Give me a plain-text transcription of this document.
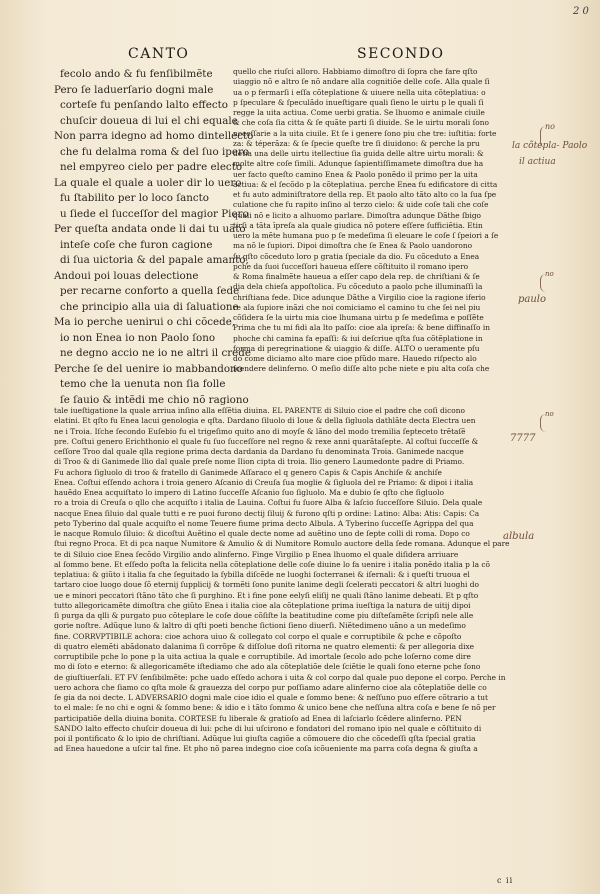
2 0
CANTO	SECONDO
fecolo ando & fu fenſibilmẽte
Pero ſe laduerſario dogni male
corteſe fu penſando lalto effecto
chuſcir doueua di lui el chi equale
Non parra idegno ad homo dintellecto
che fu delalma roma & del ſuo ipero
nel empyreo cielo per padre electo
La quale el quale a uoler dir lo uero
fu ſtabilito per lo loco ſancto
u ſiede el ſucceſſor del magior Piero
Per queſta andata onde li dai tu uãto
inteſe coſe che furon cagione
di ſua uictoria & del papale amanto,
Andoui poi louas delectione
per recarne conforto a quella ſede
che principio alla uia di ſaluatione
Ma io perche uenirui o chi cõcede,
io non Enea io non Paolo ſono
ne degno accio ne io ne altri il crede
Perche ſe del uenire io mabbandono
temo che la uenuta non ſia folle
ſe ſauio & intẽdi me chio nõ ragiono
quello che riuſci alloro. Habbiamo dimoſtro di ſopra che fare qſto
uiaggio nõ e altro ſe nõ andare alla cognitiõe delle coſe. Alla quale ſi
ua o p fermarſi i eſſa cõteplatione & uiuere nella uita cõteplatiua: o
p ſpeculare & ſpeculãdo inueſtigare quali ſieno le uirtu p le quali ſi
regge la uita actiua. Come uerbi gratia. Se lhuomo e animale ciuile
& che coſa ſia citta & ſe quãte parti ſi diuide. Se le uirtu morali ſono
neceſſarie a la uita ciuile. Et ſe i genere ſono piu che tre: iuſtitia: forte
za: & téperãza: & ſe ſpecie queſte tre ſi diuidono: & perche la pru
detia una delle uirtu itellectiue ſia guida delle altre uirtu morali: &
molte altre coſe ſimili. Adunque ſapientiſſimamete dimoſtra due ha
uer facto queſto camino Enea & Paolo ponẽdo il primo per la uita
actiua: & el ſecõdo p la cõteplatiua. perche Enea fu edificatore di citta
et fu auto adminiſtratore della rep. Et paolo alto tãto alto co la ſua ſpe
culatione che fu rapito inſino al terzo cielo: & uide coſe tali che coſe
quali nõ e licito a alhuomo parlare. Dimoſtra adunque Dãthe ſbigo
tirſi a tãta īpreſa ala quale giudica nõ potere eſſere ſufficiẽtia. Etin
uero la mẽte humana puo p ſe medeſima ſi eleuare le coſe ſ ſpeiori a ſe
ma nõ le ſupiori. Dipoi dimoſtra che ſe Enea & Paolo uandorono
ſu qſto cõceduto loro p gratia ſpeciale da dio. Fu cõceduto a Enea
pche da ſuoi ſucceſſori haueua eſſere cõſtituito il romano ipero
& Roma finalmẽte haueua a eſſer capo dela rep. de chriſtiani & ſe
dia dela chieſa appoſtolica. Fu cõceduto a paolo pche illuminaſſi la
chriſtiana fede. Dice adunque Dãthe a Virgilio cioe la ragione iferio
re ala ſupiore inãzi che noi comiciamo el camino tu che ſei nel piu
cõſidera ſe la uirtu mia cioe lhumana uirtu p ſe medeſima e poſſẽte
Prima che tu mi fidi ala lto paſſo: cioe ala ipreſa: & bene diffinaſſo in
phoche chi camina fa epaſſi: & iui deſcriue qſta ſua cõtẽplatione in
forma di peregrinatione & uiaggio & diſſe. ALTO o ueramente pſu
do come diciamo alto mare cioe pfũdo mare. Hauedo riſpecto alo
ſcendere delinferno. O meſio diſſe alto pche niete e piu alta coſa che
tale iueſtigatione la quale arriua inſino alla eſſẽtia diuina. EL PARENTE di Siluio cioe el padre che coſi dicono
elatini. Et qſto fu Enea lacui genologia e qſta. Dardano ſiluolo di Ioue & della ſigluola dathlãte decta Electra uen
ne i Troia. Iſche ſecondo Euſebio fu el trigeſimo quito ano di moyſe & lãno del modo tremilia ſepteceto trẽtaſẽ
pre. Coſtui genero Erichthonio el quale fu ſuo ſucceſſore nel regno & rexe anni quarãtaſepte. Al coſtui ſucceſſe &
ceſſore Troo dal quale qlla regione prima decta dardania da Dardano fu denominata Troia. Ganimede nacque
di Troo & di Ganimede llio dal quale preſe nome Ilion cipta di troia. Ilio genero Laumedonte padre di Priamo.
Fu achora ſigluolo di troo & fratello di Ganimede Aſſaraco el q genero Capis & Capis Anchiſe & anchiſe
Enea. Coſtui eſſendo achora i troia genero Aſcanio di Creuſa ſua moglie & ſigluola del re Priamo: & dipoi i italia
hauẽdo Enea acquiſtato lo impero di Latino ſucceſſe Aſcanio ſuo ſigluolo. Ma e dubio ſe qſto che ſigluolo
ro a troia di Creuſa o qllo che acquiſto i italia de Lauina. Coſtui fu ſuore Alba & laſcio ſucceſſore Siluio. Dela quale
nacque Enea ſiluio dal quale tutti e re puoi furono dectij ſiluij & furono qſti p ordine: Latino: Alba: Atis: Capis: Ca
peto Tyberino dal quale acquiſto el nome Teuere fiume prima decto Albula. A Tyberino ſucceſſe Agrippa del qua
le nacque Romulo ſiluio: & dicoſtui Auẽtino el quale decte nome ad auẽtino uno de ſepte colli di roma. Dopo co
ſtui regno Proca. Et di pca naque Numitore & Amulio & di Numitore Romulo auctore della ſede romana. Adunque el pare
te di Siluio cioe Enea ſecõdo Virgilio ando alinferno. Finge Virgilio p Enea lhuomo el quale diſidera arriuare
al ſommo bene. Et eſſedo poſta la felicita nella cõteplatione delle coſe diuine lo fa uenire i italia ponẽdo italia p la cõ
teplatiua: & giũto i italia fa che ſeguitado la ſybilla diſcẽde ne luoghi ſocterranei & iſernali: & i queſti truoua el
tartaro cioe luogo doue ſõ eternij ſupplicij & tormẽti ſono punite lanime degli ſcelerati peccatori & altri luoghi do
ue e minori peccatori ſtãno tãto che ſi purghino. Et i fine pone eelyſi eliſij ne quali ſtãno lanime debeati. Et p qſto
tutto allegoricamẽte dimoſtra che giũto Enea i italia cioe ala cõteplatione prima iueſtiga la natura de uitij dipoi
ſi purga da qlli & purgato puo cõteplare le coſe doue cõſiſte la beatitudine come piu diſteſamẽte ſcripſi nele alle
gorie noſtre. Adũque luno & laltro di qſti poeti benche ſictioni ſieno diuerſi. Niẽtedimeno uãno a un medeſimo
fine. CORRVPTIBILE achora: cioe achora uiuo & collegato col corpo el quale e corruptibile & pche e cõpoſto
di quatro elemẽti abãdonato dalanima ſi corrõpe & diſſolue doſi ritorna ne quatro elementi: & per allegoria dixe
corruptibile pche lo pone p la uita actiua la quale e corruptibile. Ad imortale ſecolo ado pche loſerno come dire
mo di ſoto e eterno: & allegoricamẽte iſtediamo che ado ala cõteplatiõe dele ſciẽtie le quali ſono eterne pche ſono
de giuſtiuerſali. ET FV ſenſibilmẽte: pche uado eſſedo achora i uita & col corpo dal quale puo depone el corpo. Perche in
uero achora che ſiamo co qſta mole & grauezza del corpo pur poſſiamo adare alinferno cioe ala cõteplatiõe delle co
ſe gia da noi decte. L ADVERSARIO dogni male cioe idio el quale e ſommo bene: & neſſuno puo eſſere cõtrario a tut
to el male: ſe no chi e ogni & ſommo bene: & idio e i tãto ſommo & unico bene che neſſuna altra coſa e bene ſe nõ per
participatiõe della diuina bonita. CORTESE fu liberale & gratioſo ad Enea di laſciarlo ſcẽdere alinferno. PEN
SANDO lalto effecto chuſcir doueua di lui: pche di lui uſcirono e fondatori del romano ipio nel quale e cõſtituito di
poi il pontificato & lo ipio de chriſtiani. Adũque lui giuſta cagiõe a cõmouere dio che cõcedeſſi qſta ſpecial gratia
ad Enea hauedone a uſcir tal fine. Et pho nõ parea indegno cioe coſa icõueniente ma parra coſa degna & giuſta a
c ii
no
la cõtepla‑ Paolo
il actiua
no
paulo
no
7777
albula
